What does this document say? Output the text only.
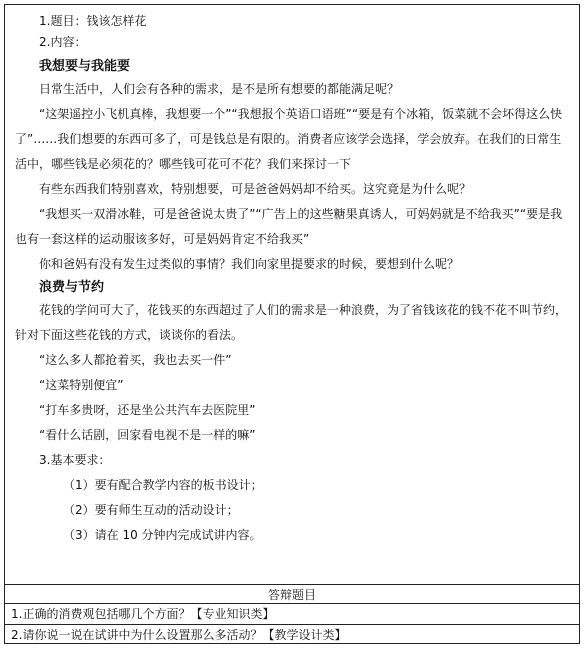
1.题目：钱该怎样花

2.内容：

我想要与我能要

日常生活中，人们会有各种的需求，是不是所有想要的都能满足呢？

“这架遥控小飞机真棒，我想要一个”“我想报个英语口语班”“要是有个冰箱，饭菜就不会坏得这么快了”……我们想要的东西可多了，可是钱总是有限的。消费者应该学会选择，学会放弃。在我们的日常生活中，哪些钱是必须花的？哪些钱可花可不花？我们来探讨一下

有些东西我们特别喜欢，特别想要，可是爸爸妈妈却不给买。这究竟是为什么呢？

“我想买一双滑冰鞋，可是爸爸说太贵了”“广告上的这些糖果真诱人，可妈妈就是不给我买”“要是我也有一套这样的运动服该多好，可是妈妈肯定不给我买”

你和爸妈有没有发生过类似的事情？我们向家里提要求的时候，要想到什么呢？

浪费与节约

花钱的学问可大了，花钱买的东西超过了人们的需求是一种浪费，为了省钱该花的钱不花不叫节约，针对下面这些花钱的方式，谈谈你的看法。

“这么多人都抢着买，我也去买一件”

“这菜特别便宜”

“打车多贵呀，还是坐公共汽车去医院里”

“看什么话剧，回家看电视不是一样的嘛”

3.基本要求：

（1）要有配合教学内容的板书设计；

（2）要有师生互动的活动设计；

（3）请在 10 分钟内完成试讲内容。

答辩题目
1.正确的消费观包括哪几个方面？【专业知识类】
2.请你说一说在试讲中为什么设置那么多活动？【教学设计类】
